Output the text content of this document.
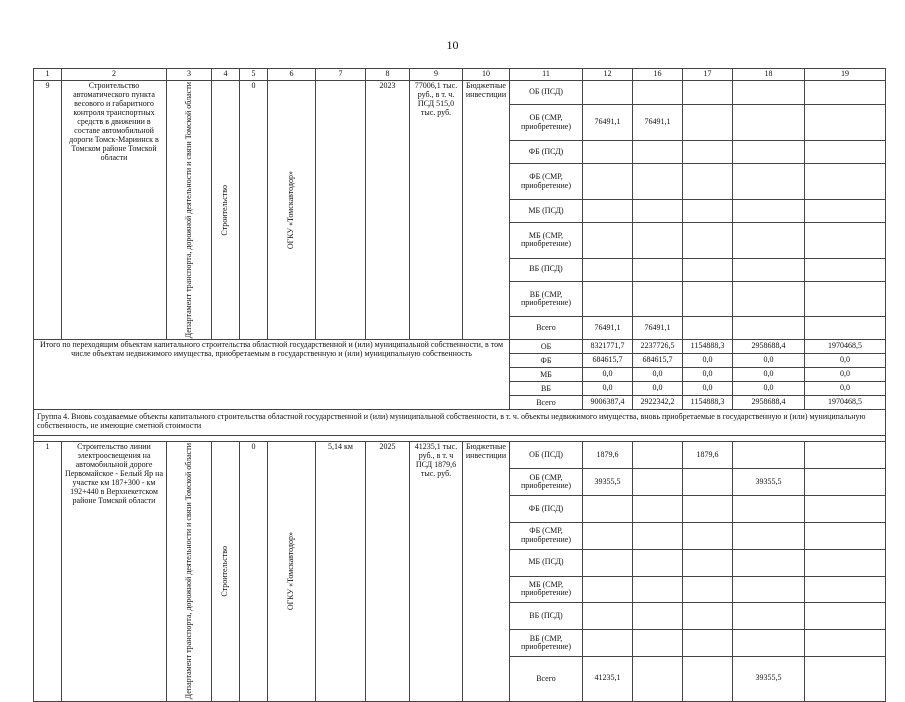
10
1	2	3	4	5	6	7	8	9	10	11	12	16	17	18	19
9	Строительство автоматического пункта весового и габаритного контроля транспортных средств в движении в составе автомобильной дороги Томск-Мариинск в Томском районе Томской области	Департамент транспорта, дорожной деятельности и связи Томской области	Строительство	0	ОГКУ «Томскавтодор»		2023	77006,1 тыс. руб., в т. ч. ПСД 515,0 тыс. руб.	Бюджетные инвестиции	ОБ (ПСД)					
										ОБ (СМР, приобретение)	76491,1	76491,1			
										ФБ (ПСД)					
										ФБ (СМР, приобретение)					
										МБ (ПСД)					
										МБ (СМР, приобретение)					
										ВБ (ПСД)					
										ВБ (СМР, приобретение)					
										Всего	76491,1	76491,1			
Итого по переходящим объектам капитального строительства областной государственной и (или) муниципальной собственности, в том числе объектам недвижимого имущества, приобретаемым в государственную и (или) муниципальную собственность										ОБ	8321771,7	2237726,5	1154888,3	2958688,4	1970468,5
										ФБ	684615,7	684615,7	0,0	0,0	0,0
										МБ	0,0	0,0	0,0	0,0	0,0
										ВБ	0,0	0,0	0,0	0,0	0,0
										Всего	9006387,4	2922342,2	1154888,3	2958688,4	1970468,5
Группа 4. Вновь создаваемые объекты капитального строительства областной государственной и (или) муниципальной собственности, в т. ч. объекты недвижимого имущества, вновь приобретаемые в государственную и (или) муниципальную собственность, не имеющие сметной стоимости															

1	Строительство линии электроосвещения на автомобильной дороге Первомайское - Белый Яр на участке км 187+300 - км 192+440 в Верхнекетском районе Томской области	Департамент транспорта, дорожной деятельности и связи Томской области	Строительство	0	ОГКУ «Томскавтодор»	5,14 км	2025	41235,1 тыс. руб., в т. ч ПСД 1879,6 тыс. руб.	Бюджетные инвестиции	ОБ (ПСД)	1879,6		1879,6		
										ОБ (СМР, приобретение)	39355,5			39355,5	
										ФБ (ПСД)					
										ФБ (СМР, приобретение)					
										МБ (ПСД)					
										МБ (СМР, приобретение)					
										ВБ (ПСД)					
										ВБ (СМР, приобретение)					
										Всего	41235,1			39355,5	
